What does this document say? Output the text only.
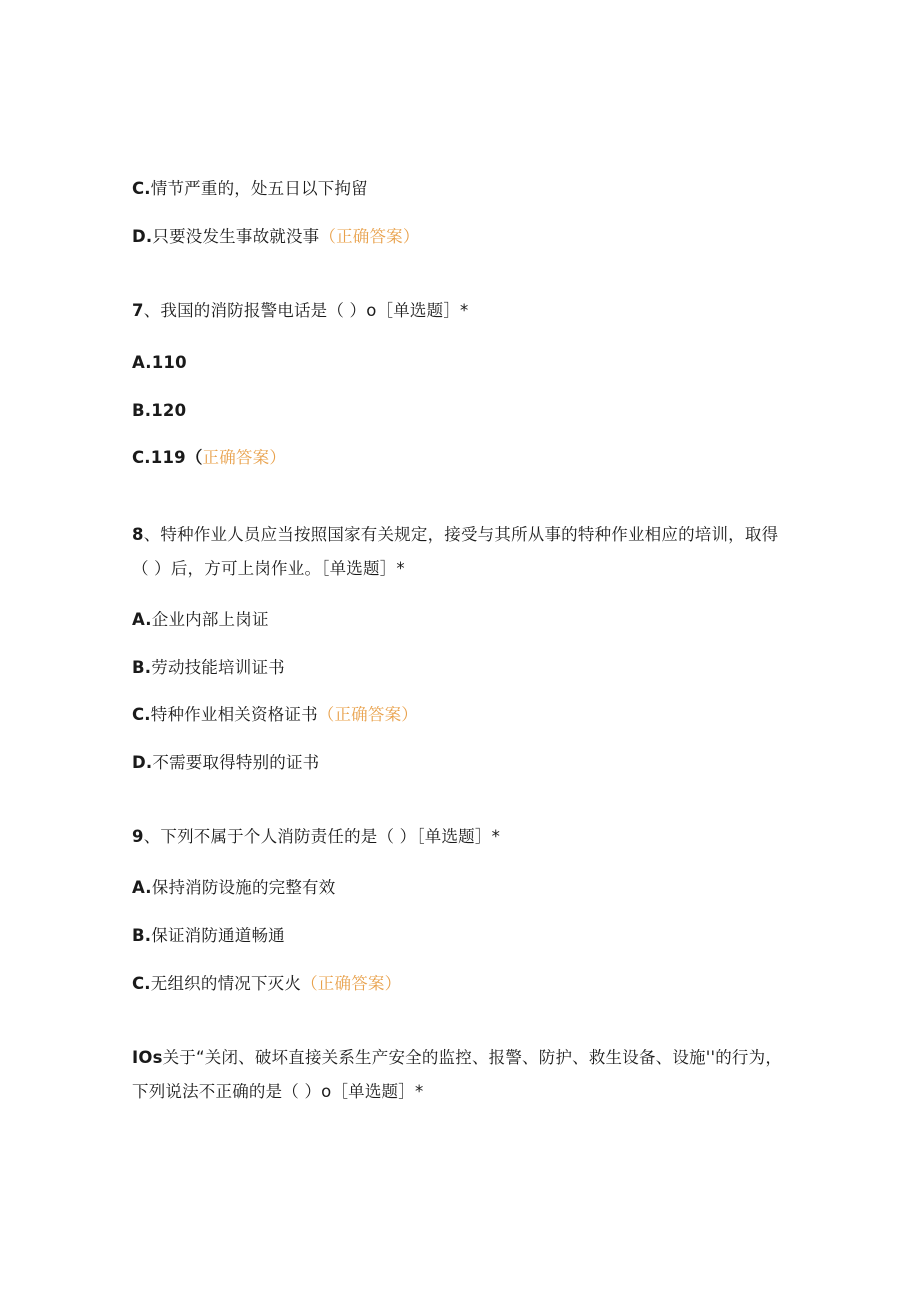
C.情节严重的，处五日以下拘留
D.只要没发生事故就没事（正确答案）
7、我国的消防报警电话是（ ）o［单选题］*
A.110
B.120
C.119（正确答案）
8、特种作业人员应当按照国家有关规定，接受与其所从事的特种作业相应的培训，取得（ ）后，方可上岗作业。［单选题］*
A.企业内部上岗证
B.劳动技能培训证书
C.特种作业相关资格证书（正确答案）
D.不需要取得特别的证书
9、下列不属于个人消防责任的是（ ）［单选题］*
A.保持消防设施的完整有效
B.保证消防通道畅通
C.无组织的情况下灭火（正确答案）
IOs关于“关闭、破坏直接关系生产安全的监控、报警、防护、救生设备、设施''的行为，下列说法不正确的是（ ）o［单选题］*
